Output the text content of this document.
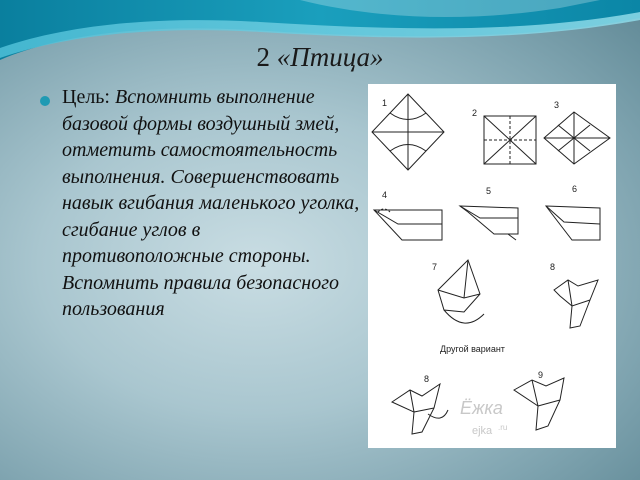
2 «Птица»
Цель: Вспомнить выполнение базовой формы воздушный змей, отметить самостоятельность выполнения. Совершенствовать навык вгибания маленького уголка, сгибание углов в противоположные стороны. Вспомнить правила безопасного пользования
1
2
3
4	5	6
7	8
8	9
Другой вариант
Ёжка
ejka .ru
